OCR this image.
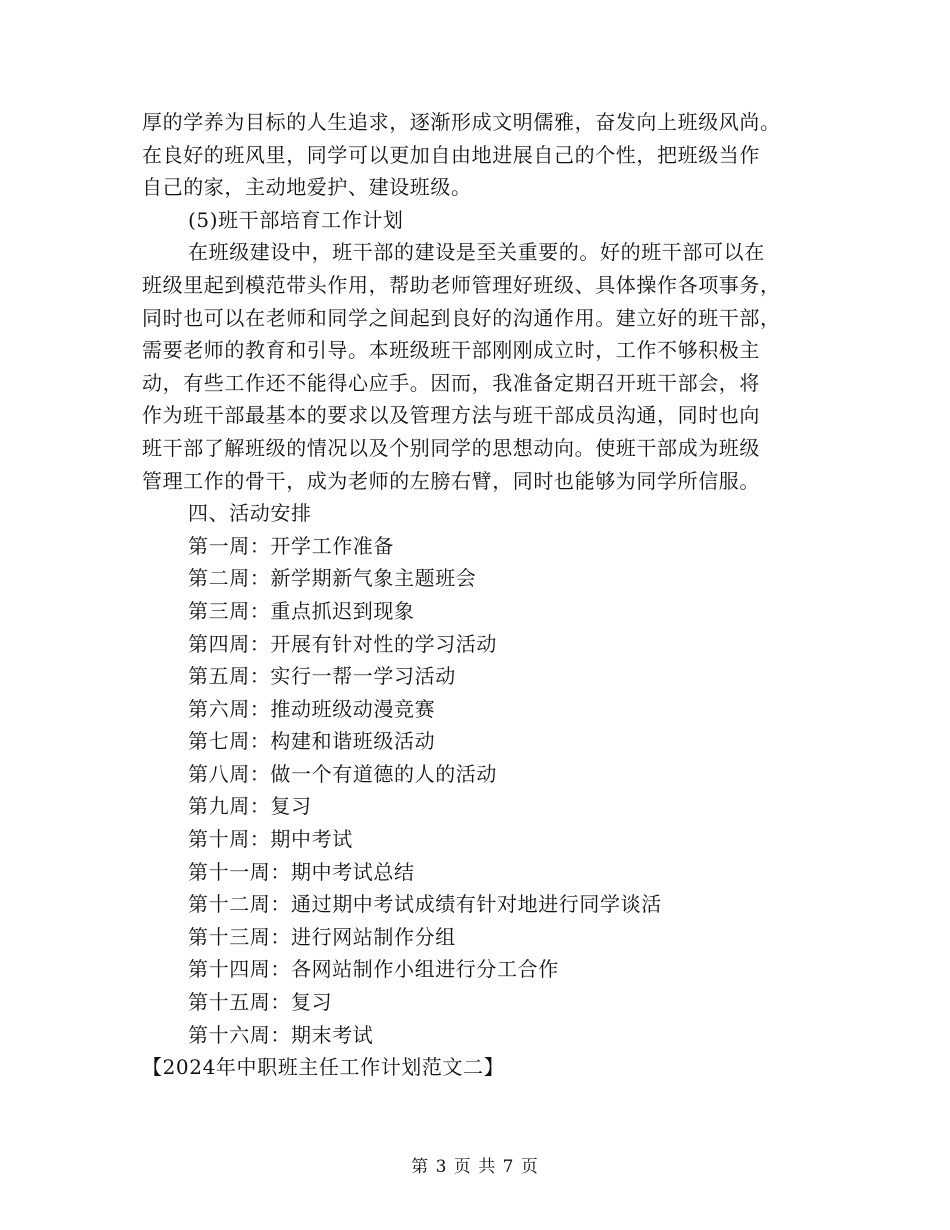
厚的学养为目标的人生追求，逐渐形成文明儒雅，奋发向上班级风尚。
在良好的班风里，同学可以更加自由地进展自己的个性，把班级当作
自己的家，主动地爱护、建设班级。
(5)班干部培育工作计划
在班级建设中，班干部的建设是至关重要的。好的班干部可以在
班级里起到模范带头作用，帮助老师管理好班级、具体操作各项事务，
同时也可以在老师和同学之间起到良好的沟通作用。建立好的班干部，
需要老师的教育和引导。本班级班干部刚刚成立时，工作不够积极主
动，有些工作还不能得心应手。因而，我准备定期召开班干部会，将
作为班干部最基本的要求以及管理方法与班干部成员沟通，同时也向
班干部了解班级的情况以及个别同学的思想动向。使班干部成为班级
管理工作的骨干，成为老师的左膀右臂，同时也能够为同学所信服。
四、活动安排
第一周：开学工作准备
第二周：新学期新气象主题班会
第三周：重点抓迟到现象
第四周：开展有针对性的学习活动
第五周：实行一帮一学习活动
第六周：推动班级动漫竞赛
第七周：构建和谐班级活动
第八周：做一个有道德的人的活动
第九周：复习
第十周：期中考试
第十一周：期中考试总结
第十二周：通过期中考试成绩有针对地进行同学谈活
第十三周：进行网站制作分组
第十四周：各网站制作小组进行分工合作
第十五周：复习
第十六周：期末考试
【2024年中职班主任工作计划范文二】
第 3 页 共 7 页
